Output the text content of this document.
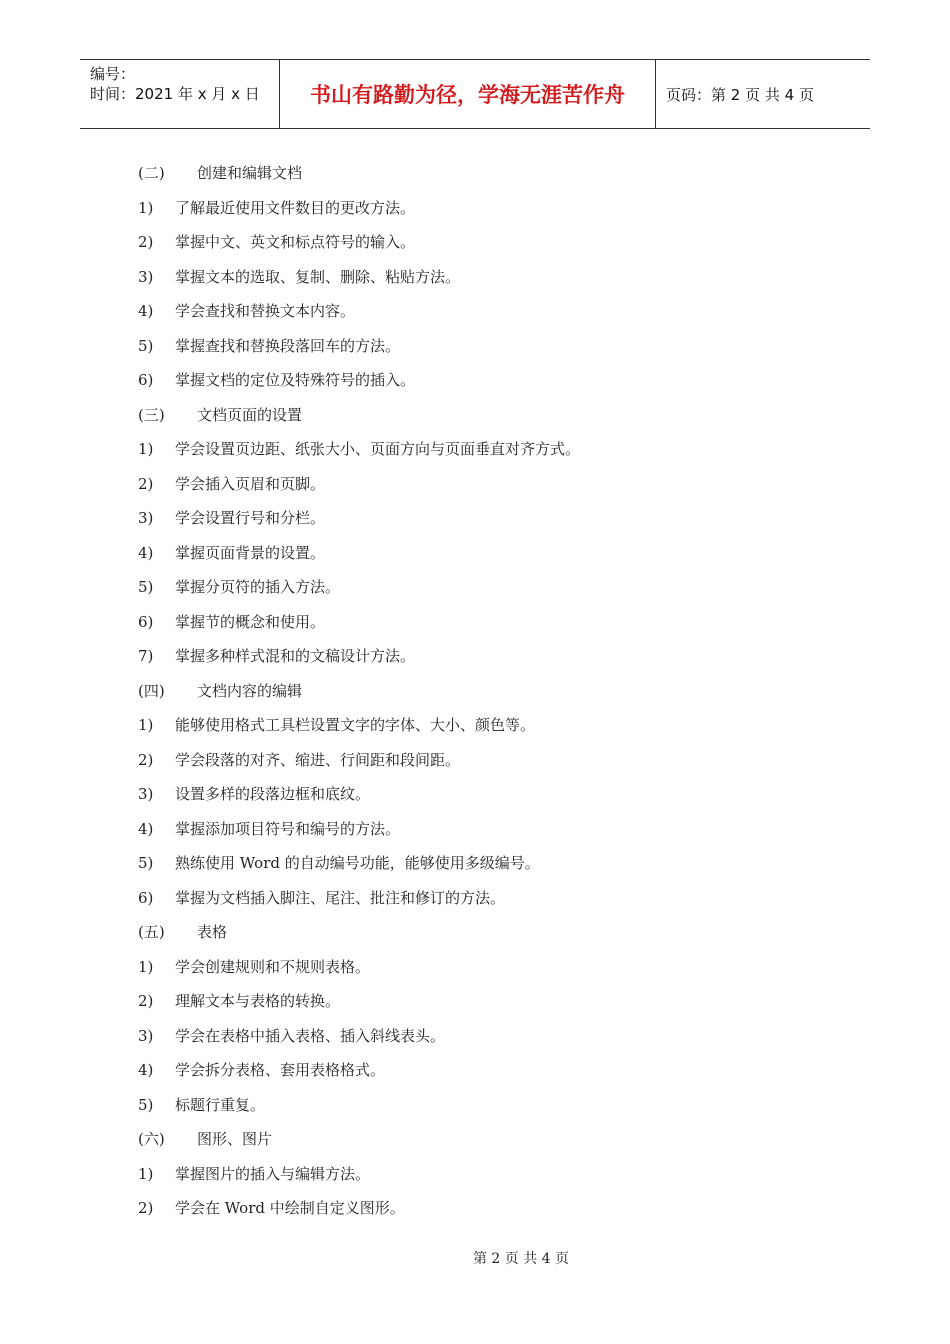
编号：
时间：2021 年 x 月 x 日	书山有路勤为径，学海无涯苦作舟	页码：第 2 页 共 4 页
(二)	创建和编辑文档
1)	了解最近使用文件数目的更改方法。
2)	掌握中文、英文和标点符号的输入。
3)	掌握文本的选取、复制、删除、粘贴方法。
4)	学会查找和替换文本内容。
5)	掌握查找和替换段落回车的方法。
6)	掌握文档的定位及特殊符号的插入。
(三)	文档页面的设置
1)	学会设置页边距、纸张大小、页面方向与页面垂直对齐方式。
2)	学会插入页眉和页脚。
3)	学会设置行号和分栏。
4)	掌握页面背景的设置。
5)	掌握分页符的插入方法。
6)	掌握节的概念和使用。
7)	掌握多种样式混和的文稿设计方法。
(四)	文档内容的编辑
1)	能够使用格式工具栏设置文字的字体、大小、颜色等。
2)	学会段落的对齐、缩进、行间距和段间距。
3)	设置多样的段落边框和底纹。
4)	掌握添加项目符号和编号的方法。
5)	熟练使用 Word 的自动编号功能，能够使用多级编号。
6)	掌握为文档插入脚注、尾注、批注和修订的方法。
(五)	表格
1)	学会创建规则和不规则表格。
2)	理解文本与表格的转换。
3)	学会在表格中插入表格、插入斜线表头。
4)	学会拆分表格、套用表格格式。
5)	标题行重复。
(六)	图形、图片
1)	掌握图片的插入与编辑方法。
2)	学会在 Word 中绘制自定义图形。
第 2 页 共 4 页
